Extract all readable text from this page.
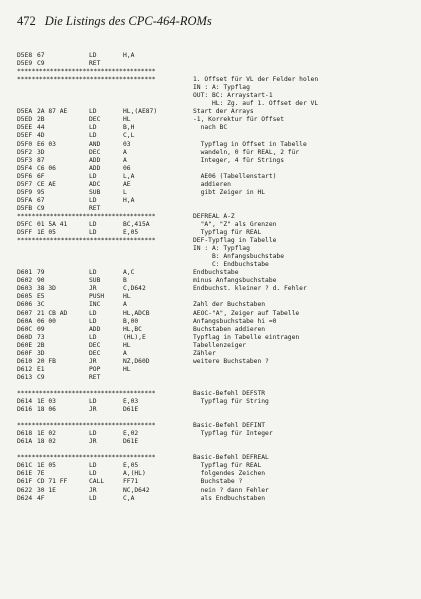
472 Die Listings des CPC-464-ROMs
D5E8 67	LD	H,A
D5E9 C9	RET
**************************************
**************************************	1. Offset für VL der Felder holen
IN : A: Typflag
OUT: BC: Arraystart-1
HL: Zg. auf 1. Offset der VL
D5EA 2A 87 AE	LD	HL,(AE87)	Start der Arrays
D5ED 2B	DEC	HL	-1, Korrektur für Offset
D5EE 44	LD	B,H	nach BC
D5EF 4D	LD	C,L
D5F0 E6 03	AND	03	Typflag in Offset in Tabelle
D5F2 3D	DEC	A	wandeln, 0 für REAL, 2 für
D5F3 87	ADD	A	Integer, 4 für Strings
D5F4 C6 06	ADD	06
D5F6 6F	LD	L,A	AE06 (Tabellenstart)
D5F7 CE AE	ADC	AE	addieren
D5F9 95	SUB	L	gibt Zeiger in HL
D5FA 67	LD	H,A
D5FB C9	RET
**************************************	DEFREAL A-Z
D5FC 01 5A 41	LD	BC,415A	"A", "Z" als Grenzen
D5FF 1E 05	LD	E,05	Typflag für REAL
**************************************	DEF-Typflag in Tabelle
IN : A: Typflag
B: Anfangsbuchstabe
C: Endbuchstabe
D601 79	LD	A,C	Endbuchstabe
D602 90	SUB	B	minus Anfangsbuchstabe
D603 38 3D	JR	C,D642	Endbuchst. kleiner ? d. Fehler
D605 E5	PUSH	HL
D606 3C	INC	A	Zahl der Buchstaben
D607 21 CB AD	LD	HL,ADCB	AEOC-"A", Zeiger auf Tabelle
D60A 06 00	LD	B,00	Anfangsbuchstabe hi =0
D60C 09	ADD	HL,BC	Buchstaben addieren
D60D 73	LD	(HL),E	Typflag in Tabelle eintragen
D60E 2B	DEC	HL	Tabellenzeiger
D60F 3D	DEC	A	Zähler
D610 20 FB	JR	NZ,D60D	weitere Buchstaben ?
D612 E1	POP	HL
D613 C9	RET
**************************************	Basic-Befehl DEFSTR
D614 1E 03	LD	E,03	Typflag für String
D616 18 06	JR	D61E
**************************************	Basic-Befehl DEFINT
D618 1E 02	LD	E,02	Typflag für Integer
D61A 18 02	JR	D61E
**************************************	Basic-Befehl DEFREAL
D61C 1E 05	LD	E,05	Typflag für REAL
D61E 7E	LD	A,(HL)	folgendes Zeichen
D61F CD 71 FF	CALL	FF71	Buchstabe ?
D622 30 1E	JR	NC,D642	nein ? dann Fehler
D624 4F	LD	C,A	als Endbuchstaben
